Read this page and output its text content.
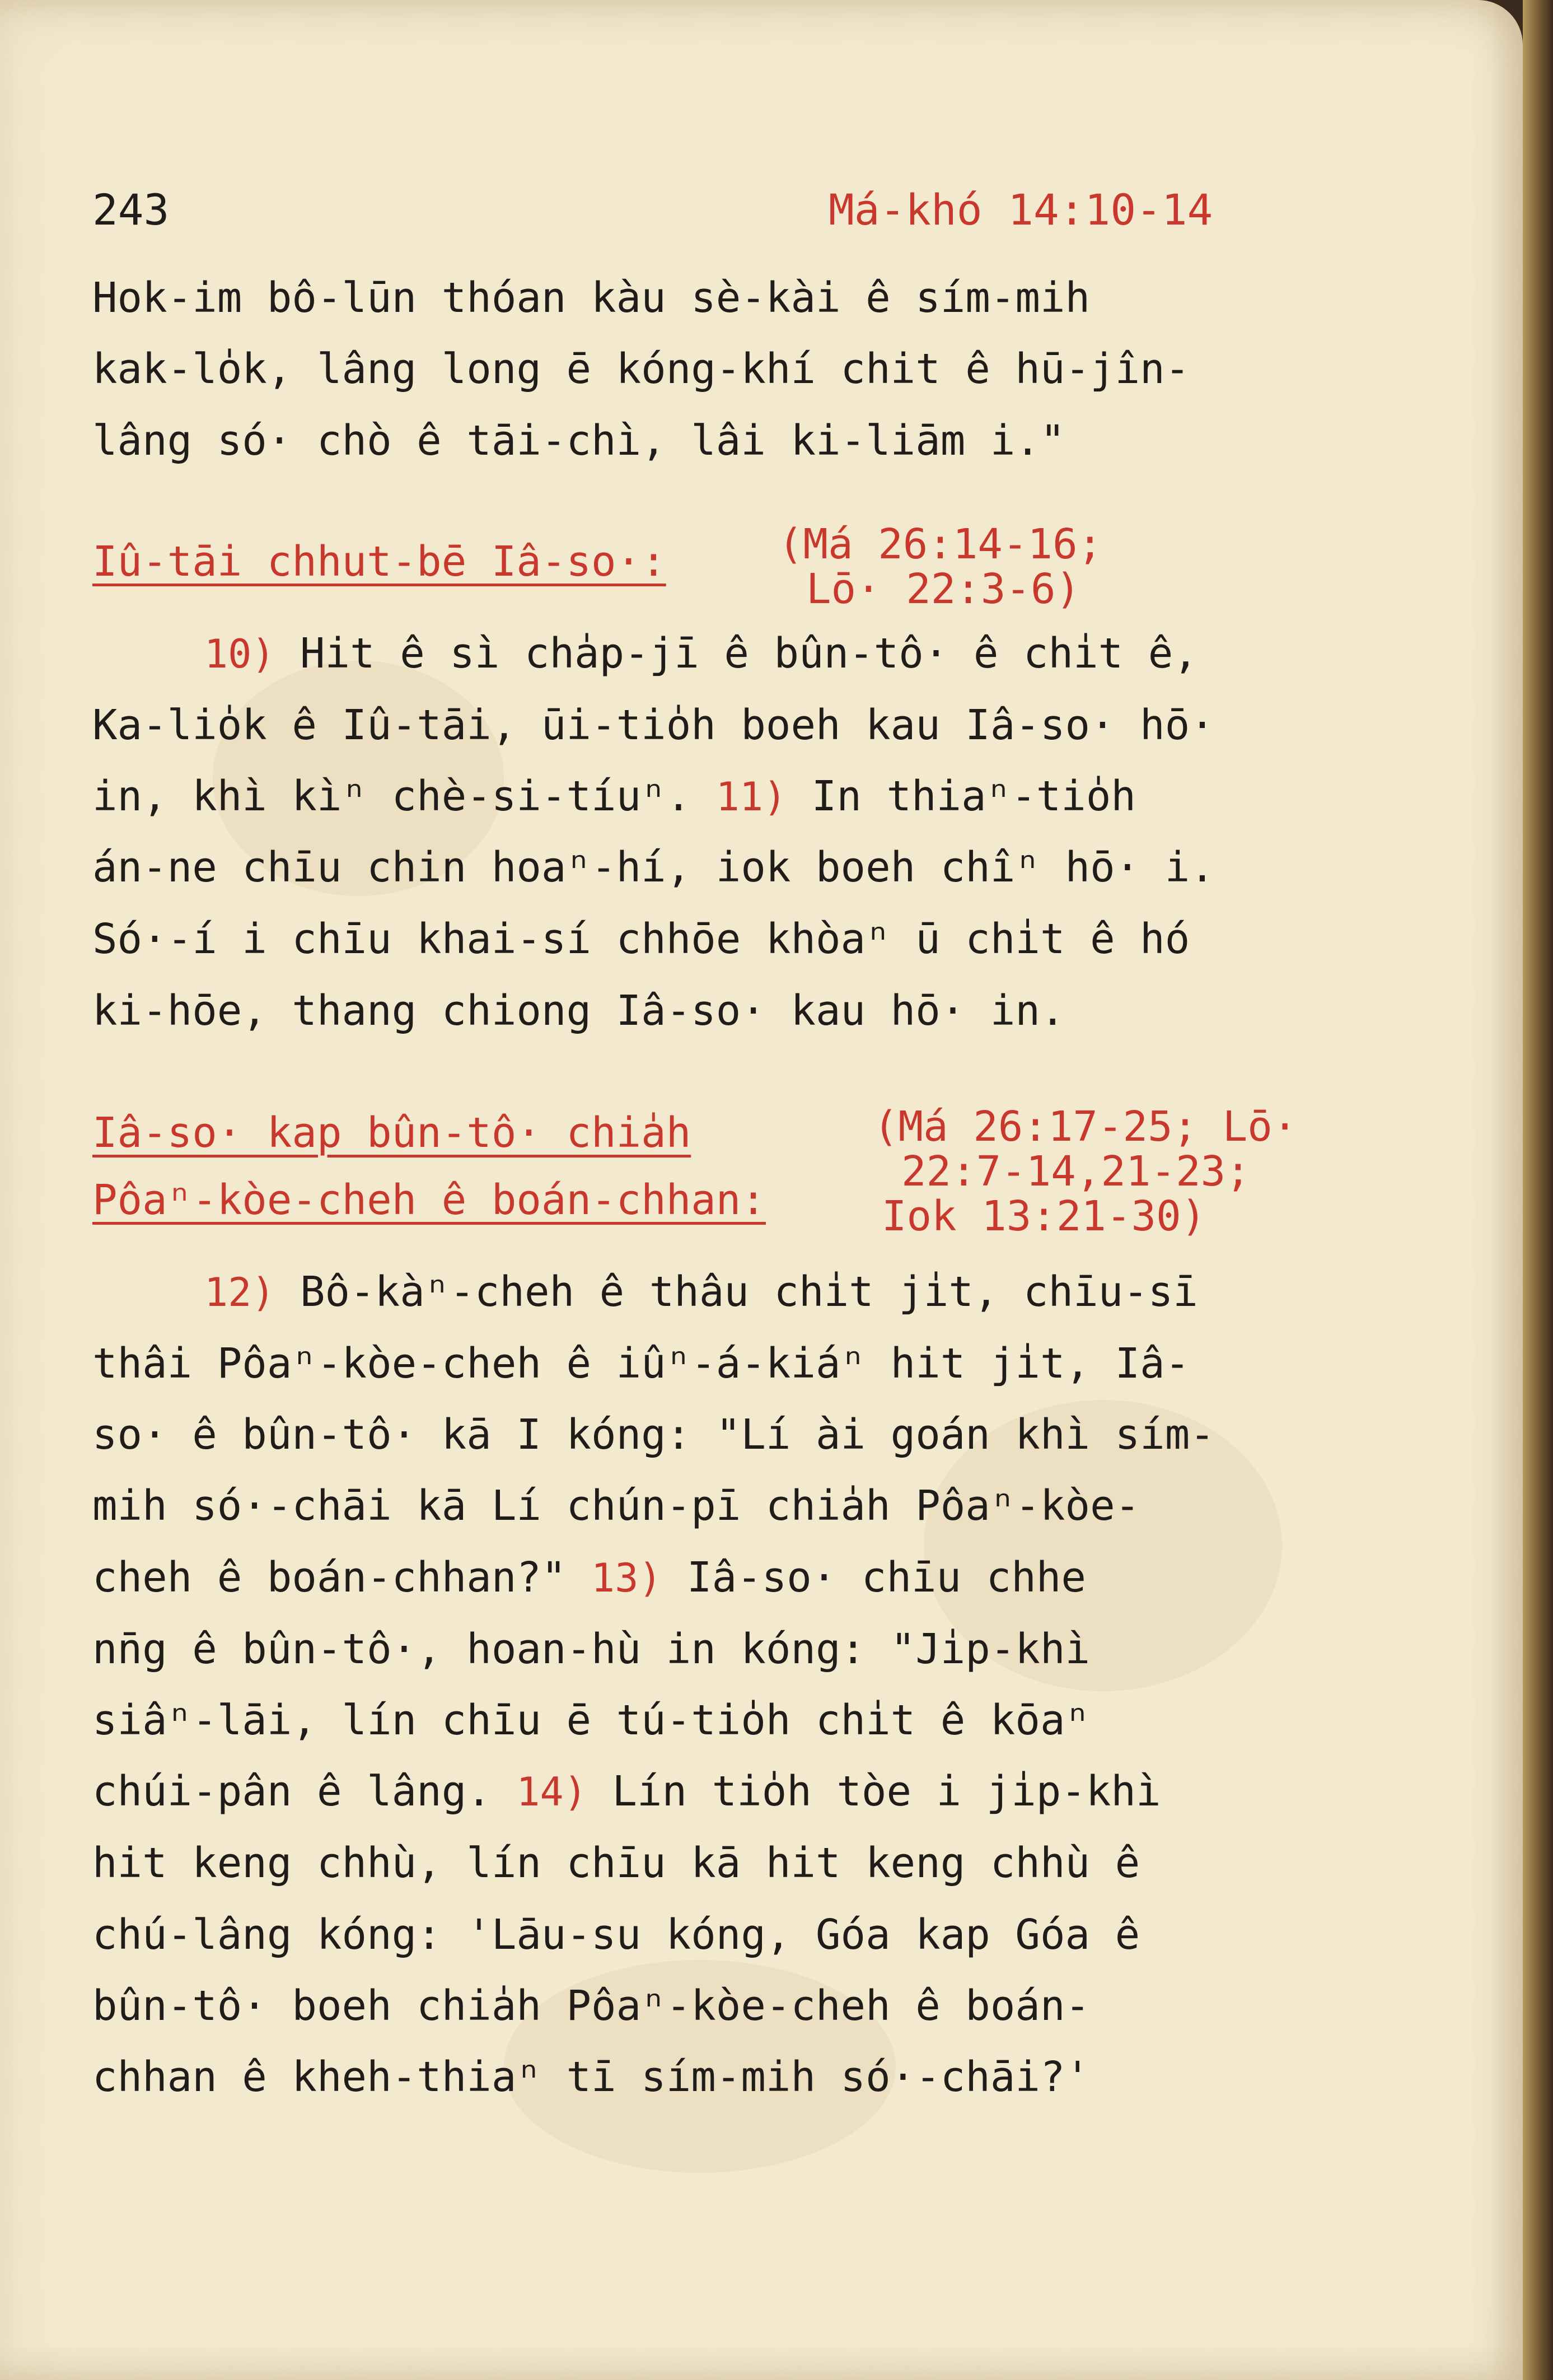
243	Má-khó 14:10-14
Hok-im bô-lūn thóan kàu sè-kài ê sím-mih
kak-lo̍k, lâng long ē kóng-khí chit ê hū-jîn-
lâng só· chò ê tāi-chì, lâi ki-liām i."
Iû-tāi chhut-bē Iâ-so·:	(Má 26:14-16;
Lō· 22:3-6)
10) Hit ê sì cha̍p-jī ê bûn-tô· ê chi̍t ê,
Ka-lio̍k ê Iû-tāi, ūi-tio̍h boeh kau Iâ-so· hō·
in, khì kìⁿ chè-si-tíuⁿ. 11) In thiaⁿ-tio̍h
án-ne chīu chin hoaⁿ-hí, iok boeh chîⁿ hō· i.
Só·-í i chīu khai-sí chhōe khòaⁿ ū chi̍t ê hó
ki-hōe, thang chiong Iâ-so· kau hō· in.
Iâ-so· kap bûn-tô· chia̍h
Pôaⁿ-kòe-cheh ê boán-chhan:
(Má 26:17-25; Lō·
22:7-14,21-23;
Iok 13:21-30)
12) Bô-kàⁿ-cheh ê thâu chi̍t ji̍t, chīu-sī
thâi Pôaⁿ-kòe-cheh ê iûⁿ-á-kiáⁿ hit ji̍t, Iâ-
so· ê bûn-tô· kā I kóng: "Lí ài goán khì sím-
mih só·-chāi kā Lí chún-pī chia̍h Pôaⁿ-kòe-
cheh ê boán-chhan?" 13) Iâ-so· chīu chhe
nn̄g ê bûn-tô·, hoan-hù in kóng: "Ji̍p-khì
siâⁿ-lāi, lín chīu ē tú-tio̍h chi̍t ê kōaⁿ
chúi-pân ê lâng. 14) Lín tio̍h tòe i ji̍p-khì
hit keng chhù, lín chīu kā hit keng chhù ê
chú-lâng kóng: 'Lāu-su kóng, Góa kap Góa ê
bûn-tô· boeh chia̍h Pôaⁿ-kòe-cheh ê boán-
chhan ê kheh-thiaⁿ tī sím-mih só·-chāi?'
